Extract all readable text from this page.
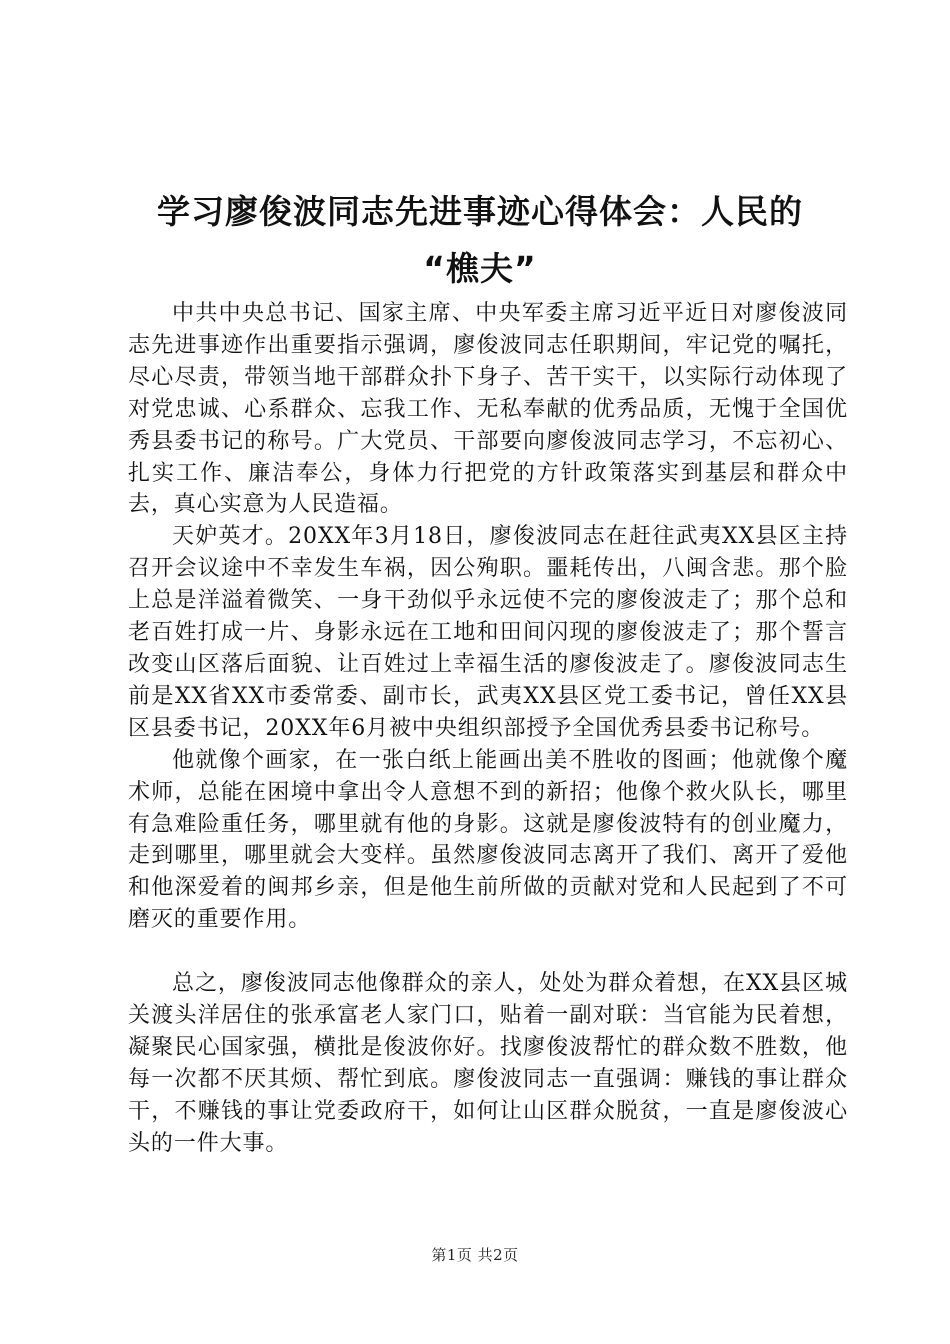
学习廖俊波同志先进事迹心得体会：人民的
“樵夫”

中共中央总书记、国家主席、中央军委主席习近平近日对廖俊波同志先进事迹作出重要指示强调，廖俊波同志任职期间，牢记党的嘱托，尽心尽责，带领当地干部群众扑下身子、苦干实干，以实际行动体现了对党忠诚、心系群众、忘我工作、无私奉献的优秀品质，无愧于全国优秀县委书记的称号。广大党员、干部要向廖俊波同志学习，不忘初心、扎实工作、廉洁奉公，身体力行把党的方针政策落实到基层和群众中去，真心实意为人民造福。

天妒英才。20XX年3月18日，廖俊波同志在赶往武夷XX县区主持召开会议途中不幸发生车祸，因公殉职。噩耗传出，八闽含悲。那个脸上总是洋溢着微笑、一身干劲似乎永远使不完的廖俊波走了；那个总和老百姓打成一片、身影永远在工地和田间闪现的廖俊波走了；那个誓言改变山区落后面貌、让百姓过上幸福生活的廖俊波走了。廖俊波同志生前是XX省XX市委常委、副市长，武夷XX县区党工委书记，曾任XX县区县委书记，20XX年6月被中央组织部授予全国优秀县委书记称号。

他就像个画家，在一张白纸上能画出美不胜收的图画；他就像个魔术师，总能在困境中拿出令人意想不到的新招；他像个救火队长，哪里有急难险重任务，哪里就有他的身影。这就是廖俊波特有的创业魔力，走到哪里，哪里就会大变样。虽然廖俊波同志离开了我们、离开了爱他和他深爱着的闽邦乡亲，但是他生前所做的贡献对党和人民起到了不可磨灭的重要作用。

总之，廖俊波同志他像群众的亲人，处处为群众着想，在XX县区城关渡头洋居住的张承富老人家门口，贴着一副对联：当官能为民着想，凝聚民心国家强，横批是俊波你好。找廖俊波帮忙的群众数不胜数，他每一次都不厌其烦、帮忙到底。廖俊波同志一直强调：赚钱的事让群众干，不赚钱的事让党委政府干，如何让山区群众脱贫，一直是廖俊波心头的一件大事。

第1页 共2页
